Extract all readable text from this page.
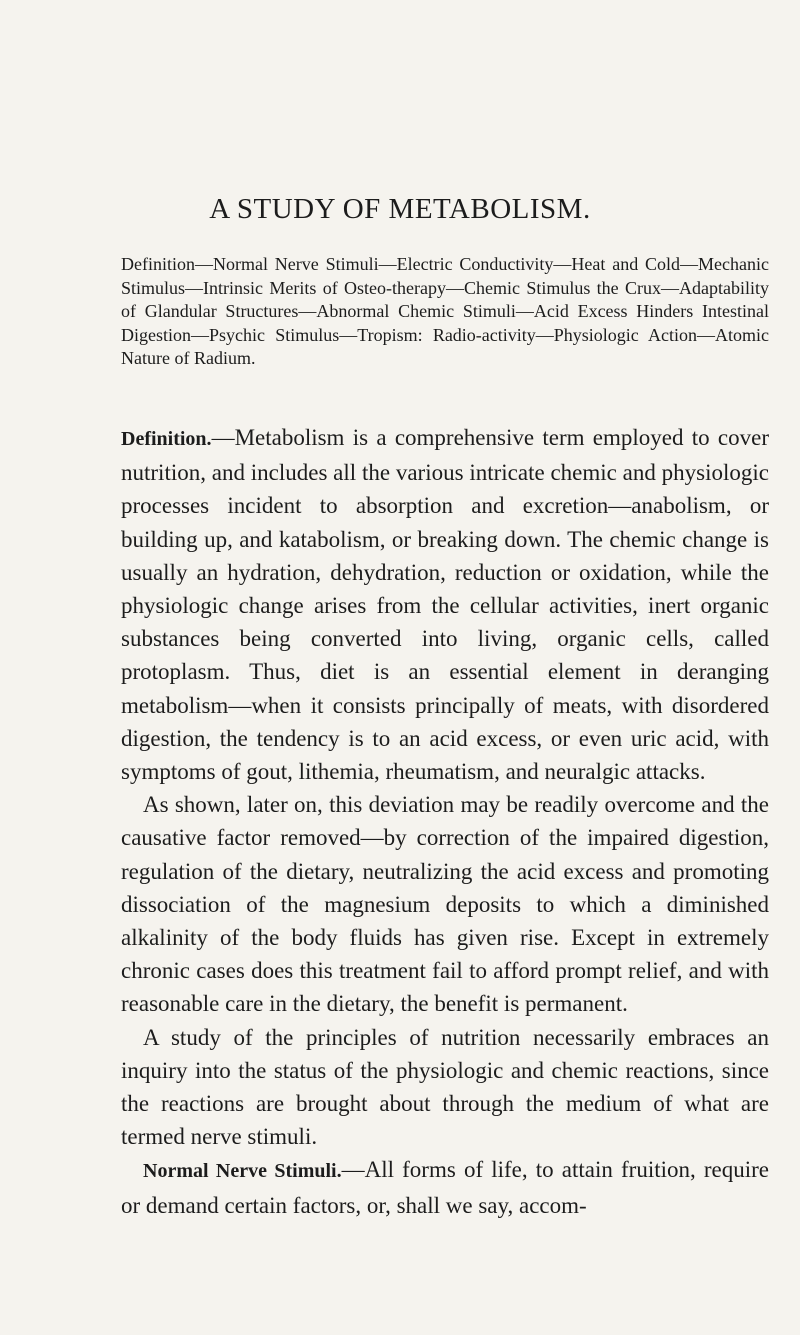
A STUDY OF METABOLISM.

Definition—Normal Nerve Stimuli—Electric Conductivity—Heat and Cold—Mechanic Stimulus—Intrinsic Merits of Osteo-therapy—Chemic Stimulus the Crux—Adaptability of Glandular Structures—Abnormal Chemic Stimuli—Acid Excess Hinders Intestinal Digestion—Psychic Stimulus—Tropism: Radio-activity—Physiologic Action—Atomic Nature of Radium.

Definition.—Metabolism is a comprehensive term employed to cover nutrition, and includes all the various intricate chemic and physiologic processes incident to absorption and excretion—anabolism, or building up, and katabolism, or breaking down. The chemic change is usually an hydration, dehydration, reduction or oxidation, while the physiologic change arises from the cellular activities, inert organic substances being converted into living, organic cells, called protoplasm. Thus, diet is an essential element in deranging metabolism—when it consists principally of meats, with disordered digestion, the tendency is to an acid excess, or even uric acid, with symptoms of gout, lithemia, rheumatism, and neuralgic attacks.

As shown, later on, this deviation may be readily overcome and the causative factor removed—by correction of the impaired digestion, regulation of the dietary, neutralizing the acid excess and promoting dissociation of the magnesium deposits to which a diminished alkalinity of the body fluids has given rise. Except in extremely chronic cases does this treatment fail to afford prompt relief, and with reasonable care in the dietary, the benefit is permanent.

A study of the principles of nutrition necessarily embraces an inquiry into the status of the physiologic and chemic reactions, since the reactions are brought about through the medium of what are termed nerve stimuli.

Normal Nerve Stimuli.—All forms of life, to attain fruition, require or demand certain factors, or, shall we say, accom-
